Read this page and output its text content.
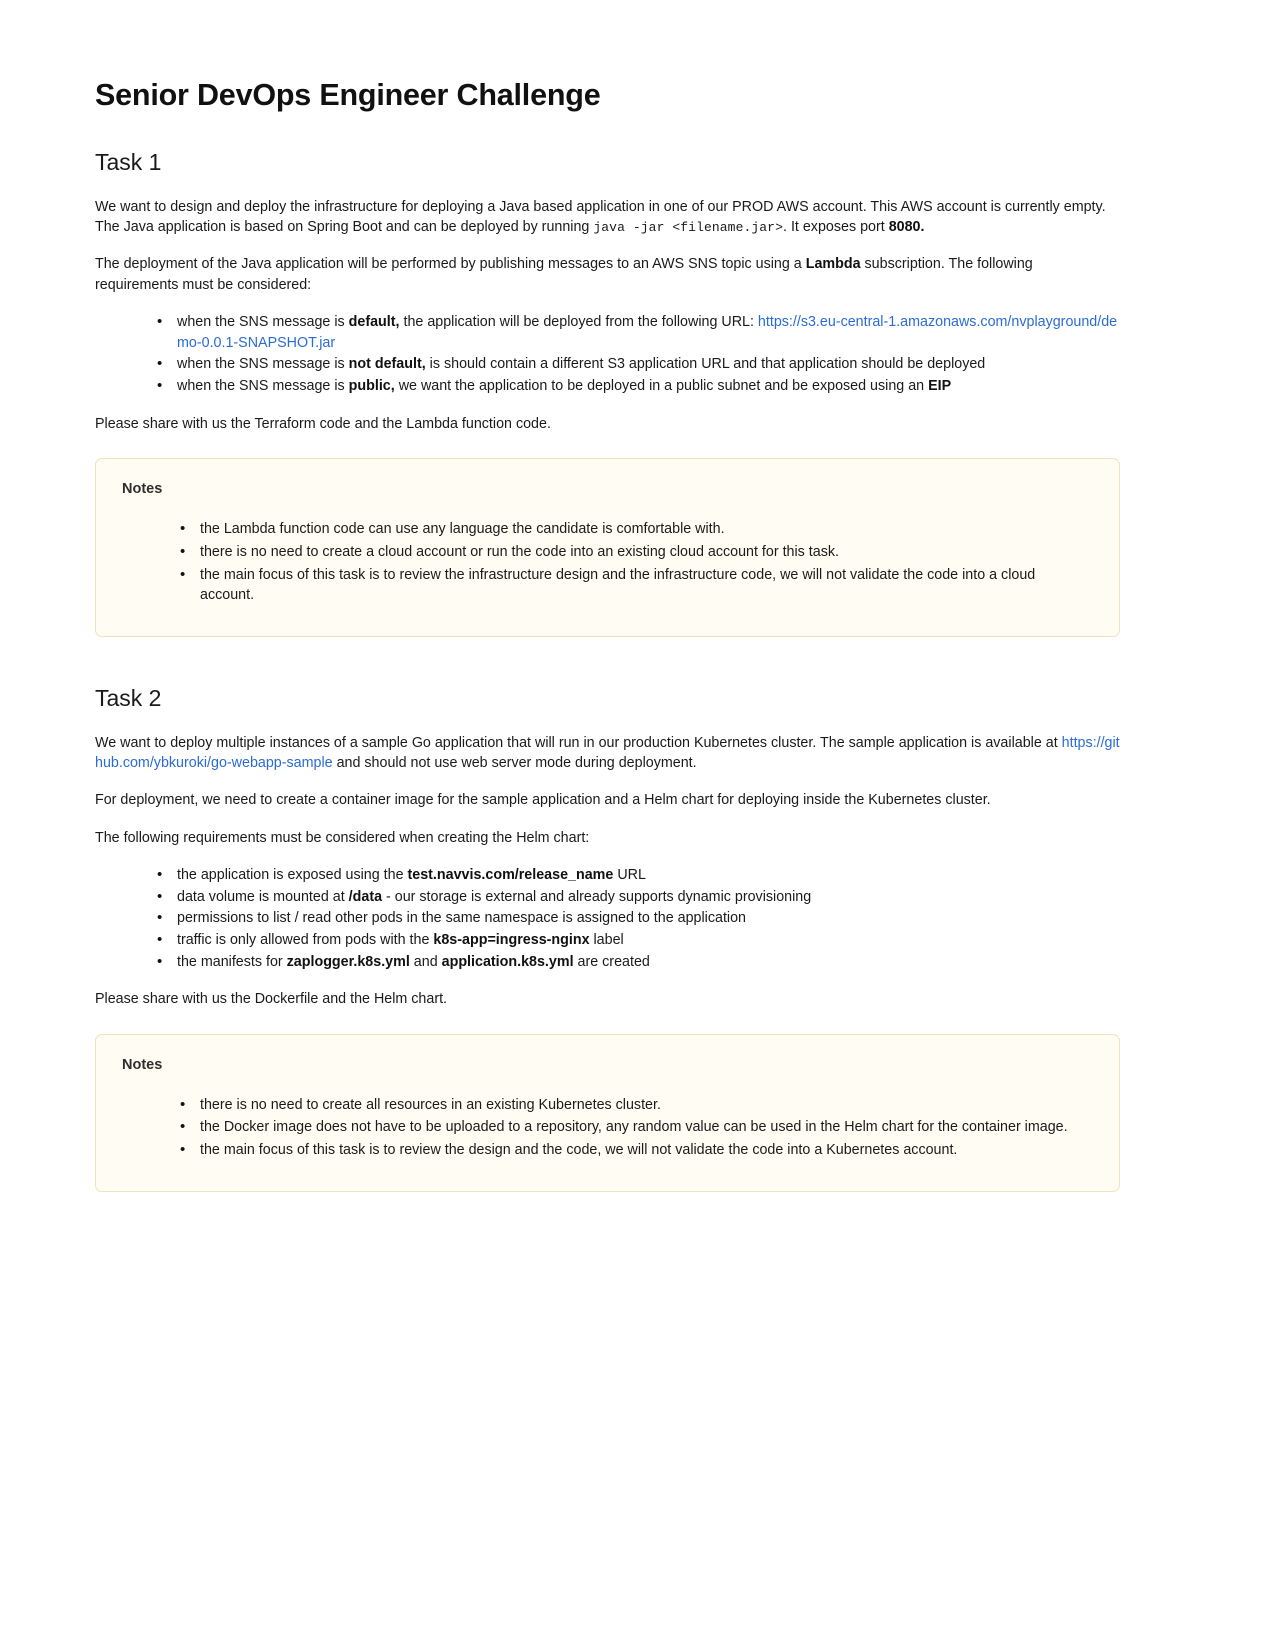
Senior DevOps Engineer Challenge
Task 1

We want to design and deploy the infrastructure for deploying a Java based application in one of our PROD AWS account. This AWS account is currently empty. The Java application is based on Spring Boot and can be deployed by running java -jar <filename.jar>. It exposes port 8080.

The deployment of the Java application will be performed by publishing messages to an AWS SNS topic using a Lambda subscription. The following requirements must be considered:

• when the SNS message is default, the application will be deployed from the following URL: https://s3.eu-central-1.amazonaws.com/nvplayground/demo-0.0.1-SNAPSHOT.jar
• when the SNS message is not default, is should contain a different S3 application URL and that application should be deployed
• when the SNS message is public, we want the application to be deployed in a public subnet and be exposed using an EIP

Please share with us the Terraform code and the Lambda function code.

Notes
• the Lambda function code can use any language the candidate is comfortable with.
• there is no need to create a cloud account or run the code into an existing cloud account for this task.
• the main focus of this task is to review the infrastructure design and the infrastructure code, we will not validate the code into a cloud account.
Task 2

We want to deploy multiple instances of a sample Go application that will run in our production Kubernetes cluster. The sample application is available at https://github.com/ybkuroki/go-webapp-sample and should not use web server mode during deployment.

For deployment, we need to create a container image for the sample application and a Helm chart for deploying inside the Kubernetes cluster.

The following requirements must be considered when creating the Helm chart:

• the application is exposed using the test.navvis.com/release_name URL
• data volume is mounted at /data - our storage is external and already supports dynamic provisioning
• permissions to list / read other pods in the same namespace is assigned to the application
• traffic is only allowed from pods with the k8s-app=ingress-nginx label
• the manifests for zaplogger.k8s.yml and application.k8s.yml are created

Please share with us the Dockerfile and the Helm chart.

Notes
• there is no need to create all resources in an existing Kubernetes cluster.
• the Docker image does not have to be uploaded to a repository, any random value can be used in the Helm chart for the container image.
• the main focus of this task is to review the design and the code, we will not validate the code into a Kubernetes account.
